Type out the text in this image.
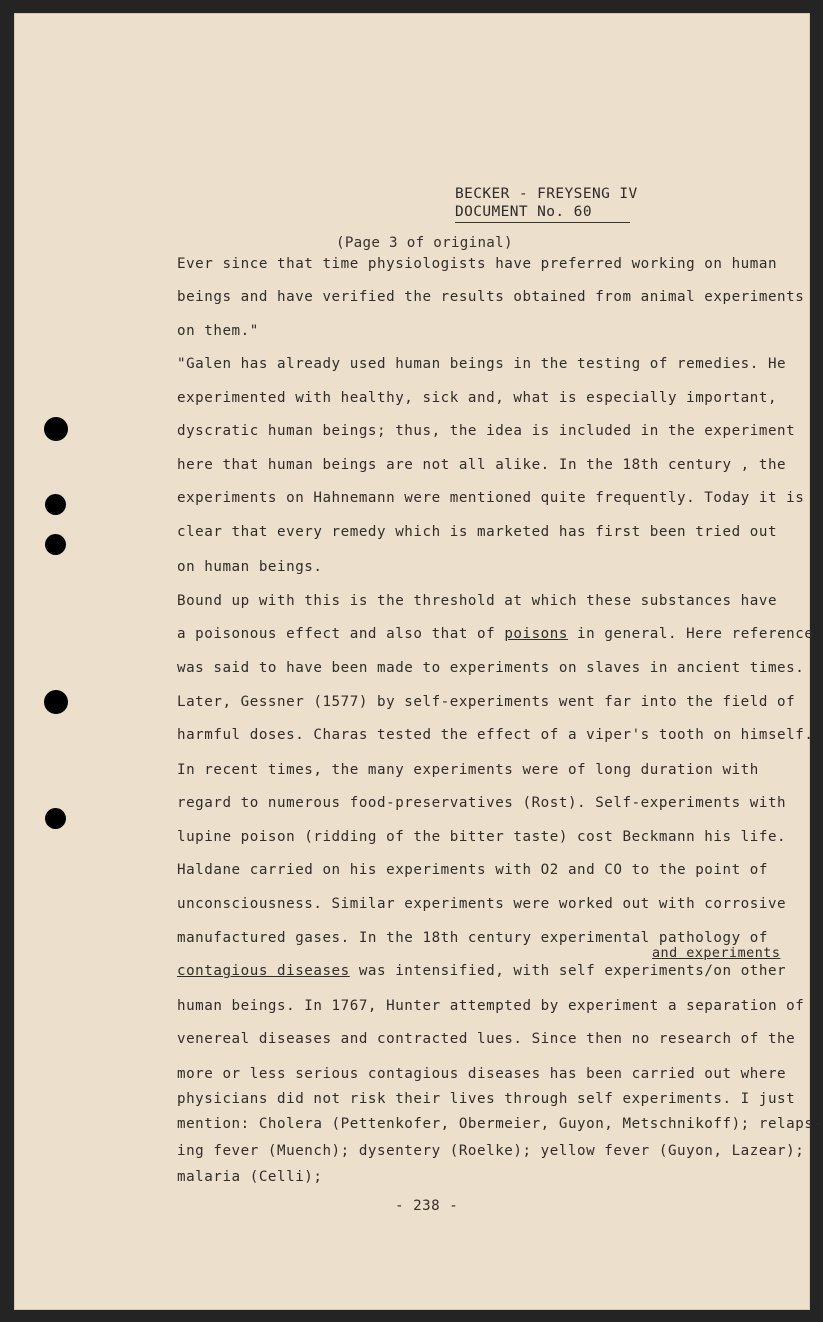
BECKER - FREYSENG IV
DOCUMENT No. 60
(Page 3 of original)
Ever since that time physiologists have preferred working on human
beings and have verified the results obtained from animal experiments
on them."
"Galen has already used human beings in the testing of remedies. He
experimented with healthy, sick and, what is especially important,
dyscratic human beings; thus, the idea is included in the experiment
here that human beings are not all alike. In the 18th century , the
experiments on Hahnemann were mentioned quite frequently. Today it is
clear that every remedy which is marketed has first been tried out
on human beings.
Bound up with this is the threshold at which these substances have
a poisonous effect and also that of poisons in general. Here reference
was said to have been made to experiments on slaves in ancient times.
Later, Gessner (1577) by self-experiments went far into the field of
harmful doses. Charas tested the effect of a viper's tooth on himself.
In recent times, the many experiments were of long duration with
regard to numerous food-preservatives (Rost). Self-experiments with
lupine poison (ridding of the bitter taste) cost Beckmann his life.
Haldane carried on his experiments with O2 and CO to the point of
unconsciousness. Similar experiments were worked out with corrosive
manufactured gases. In the 18th century experimental pathology of
and experiments
contagious diseases was intensified, with self experiments/on other
human beings. In 1767, Hunter attempted by experiment a separation of
venereal diseases and contracted lues. Since then no research of the
more or less serious contagious diseases has been carried out where
physicians did not risk their lives through self experiments. I just
mention: Cholera (Pettenkofer, Obermeier, Guyon, Metschnikoff); relaps-
ing fever (Muench); dysentery (Roelke); yellow fever (Guyon, Lazear);
malaria (Celli);
- 238 -
